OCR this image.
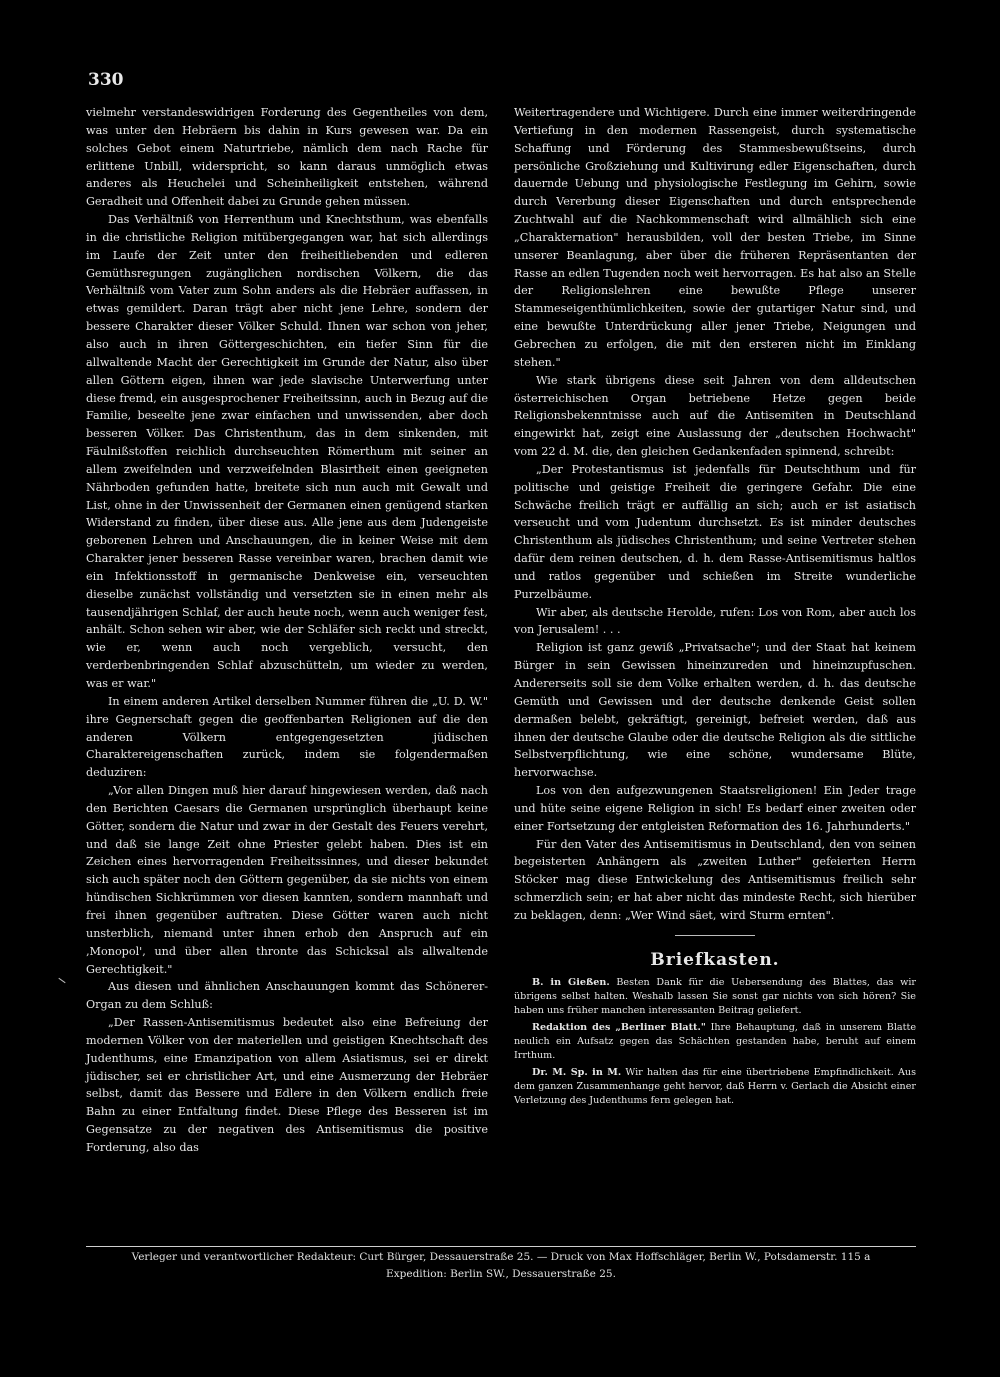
330

vielmehr verstandeswidrigen Forderung des Gegentheiles von dem, was unter den Hebräern bis dahin in Kurs gewesen war. Da ein solches Gebot einem Naturtriebe, nämlich dem nach Rache für erlittene Unbill, widerspricht, so kann daraus unmöglich etwas anderes als Heuchelei und Scheinheiligkeit entstehen, während Geradheit und Offenheit dabei zu Grunde gehen müssen.

Das Verhältniß von Herrenthum und Knechtsthum, was ebenfalls in die christliche Religion mitübergegangen war, hat sich allerdings im Laufe der Zeit unter den freiheitliebenden und edleren Gemüthsregungen zugänglichen nordischen Völkern, die das Verhältniß vom Vater zum Sohn anders als die Hebräer auffassen, in etwas gemildert. Daran trägt aber nicht jene Lehre, sondern der bessere Charakter dieser Völker Schuld. Ihnen war schon von jeher, also auch in ihren Göttergeschichten, ein tiefer Sinn für die allwaltende Macht der Gerechtigkeit im Grunde der Natur, also über allen Göttern eigen, ihnen war jede slavische Unterwerfung unter diese fremd, ein ausgesprochener Freiheitssinn, auch in Bezug auf die Familie, beseelte jene zwar einfachen und unwissenden, aber doch besseren Völker. Das Christenthum, das in dem sinkenden, mit Fäulnißstoffen reichlich durchseuchten Römerthum mit seiner an allem zweifelnden und verzweifelnden Blasirtheit einen geeigneten Nährboden gefunden hatte, breitete sich nun auch mit Gewalt und List, ohne in der Unwissenheit der Germanen einen genügend starken Widerstand zu finden, über diese aus. Alle jene aus dem Judengeiste geborenen Lehren und Anschauungen, die in keiner Weise mit dem Charakter jener besseren Rasse vereinbar waren, brachen damit wie ein Infektionsstoff in germanische Denkweise ein, verseuchten dieselbe zunächst vollständig und versetzten sie in einen mehr als tausendjährigen Schlaf, der auch heute noch, wenn auch weniger fest, anhält. Schon sehen wir aber, wie der Schläfer sich reckt und streckt, wie er, wenn auch noch vergeblich, versucht, den verderbenbringenden Schlaf abzuschütteln, um wieder zu werden, was er war."

In einem anderen Artikel derselben Nummer führen die „U. D. W." ihre Gegnerschaft gegen die geoffenbarten Religionen auf die den anderen Völkern entgegengesetzten jüdischen Charaktereigenschaften zurück, indem sie folgendermaßen deduziren:

„Vor allen Dingen muß hier darauf hingewiesen werden, daß nach den Berichten Caesars die Germanen ursprünglich überhaupt keine Götter, sondern die Natur und zwar in der Gestalt des Feuers verehrt, und daß sie lange Zeit ohne Priester gelebt haben. Dies ist ein Zeichen eines hervorragenden Freiheitssinnes, und dieser bekundet sich auch später noch den Göttern gegenüber, da sie nichts von einem hündischen Sichkrümmen vor diesen kannten, sondern mannhaft und frei ihnen gegenüber auftraten. Diese Götter waren auch nicht unsterblich, niemand unter ihnen erhob den Anspruch auf ein ‚Monopol', und über allen thronte das Schicksal als allwaltende Gerechtigkeit."

Aus diesen und ähnlichen Anschauungen kommt das Schönerer-Organ zu dem Schluß:

„Der Rassen-Antisemitismus bedeutet also eine Befreiung der modernen Völker von der materiellen und geistigen Knechtschaft des Judenthums, eine Emanzipation von allem Asiatismus, sei er direkt jüdischer, sei er christlicher Art, und eine Ausmerzung der Hebräer selbst, damit das Bessere und Edlere in den Völkern endlich freie Bahn zu einer Entfaltung findet. Diese Pflege des Besseren ist im Gegensatze zu der negativen des Antisemitismus die positive Forderung, also das

Weitertragendere und Wichtigere. Durch eine immer weiterdringende Vertiefung in den modernen Rassengeist, durch systematische Schaffung und Förderung des Stammesbewußtseins, durch persönliche Großziehung und Kultivirung edler Eigenschaften, durch dauernde Uebung und physiologische Festlegung im Gehirn, sowie durch Vererbung dieser Eigenschaften und durch entsprechende Zuchtwahl auf die Nachkommenschaft wird allmählich sich eine „Charakternation" herausbilden, voll der besten Triebe, im Sinne unserer Beanlagung, aber über die früheren Repräsentanten der Rasse an edlen Tugenden noch weit hervorragen. Es hat also an Stelle der Religionslehren eine bewußte Pflege unserer Stammeseigenthümlichkeiten, sowie der gutartiger Natur sind, und eine bewußte Unterdrückung aller jener Triebe, Neigungen und Gebrechen zu erfolgen, die mit den ersteren nicht im Einklang stehen."

Wie stark übrigens diese seit Jahren von dem alldeutschen österreichischen Organ betriebene Hetze gegen beide Religionsbekenntnisse auch auf die Antisemiten in Deutschland eingewirkt hat, zeigt eine Auslassung der „deutschen Hochwacht" vom 22 d. M. die, den gleichen Gedankenfaden spinnend, schreibt:

„Der Protestantismus ist jedenfalls für Deutschthum und für politische und geistige Freiheit die geringere Gefahr. Die eine Schwäche freilich trägt er auffällig an sich; auch er ist asiatisch verseucht und vom Judentum durchsetzt. Es ist minder deutsches Christenthum als jüdisches Christenthum; und seine Vertreter stehen dafür dem reinen deutschen, d. h. dem Rasse-Antisemitismus haltlos und ratlos gegenüber und schießen im Streite wunderliche Purzelbäume.

Wir aber, als deutsche Herolde, rufen: Los von Rom, aber auch los von Jerusalem! . . .

Religion ist ganz gewiß „Privatsache"; und der Staat hat keinem Bürger in sein Gewissen hineinzureden und hineinzupfuschen. Andererseits soll sie dem Volke erhalten werden, d. h. das deutsche Gemüth und Gewissen und der deutsche denkende Geist sollen dermaßen belebt, gekräftigt, gereinigt, befreiet werden, daß aus ihnen der deutsche Glaube oder die deutsche Religion als die sittliche Selbstverpflichtung, wie eine schöne, wundersame Blüte, hervorwachse.

Los von den aufgezwungenen Staatsreligionen! Ein Jeder trage und hüte seine eigene Religion in sich! Es bedarf einer zweiten oder einer Fortsetzung der entgleisten Reformation des 16. Jahrhunderts."

Für den Vater des Antisemitismus in Deutschland, den von seinen begeisterten Anhängern als „zweiten Luther" gefeierten Herrn Stöcker mag diese Entwickelung des Antisemitismus freilich sehr schmerzlich sein; er hat aber nicht das mindeste Recht, sich hierüber zu beklagen, denn: „Wer Wind säet, wird Sturm ernten".

Briefkasten.

B. in Gießen. Besten Dank für die Uebersendung des Blattes, das wir übrigens selbst halten. Weshalb lassen Sie sonst gar nichts von sich hören? Sie haben uns früher manchen interessanten Beitrag geliefert.

Redaktion des „Berliner Blatt." Ihre Behauptung, daß in unserem Blatte neulich ein Aufsatz gegen das Schächten gestanden habe, beruht auf einem Irrthum.

Dr. M. Sp. in M. Wir halten das für eine übertriebene Empfindlichkeit. Aus dem ganzen Zusammenhange geht hervor, daß Herrn v. Gerlach die Absicht einer Verletzung des Judenthums fern gelegen hat.

Verleger und verantwortlicher Redakteur: Curt Bürger, Dessauerstraße 25. — Druck von Max Hoffschläger, Berlin W., Potsdamerstr. 115 a
Expedition: Berlin SW., Dessauerstraße 25.
